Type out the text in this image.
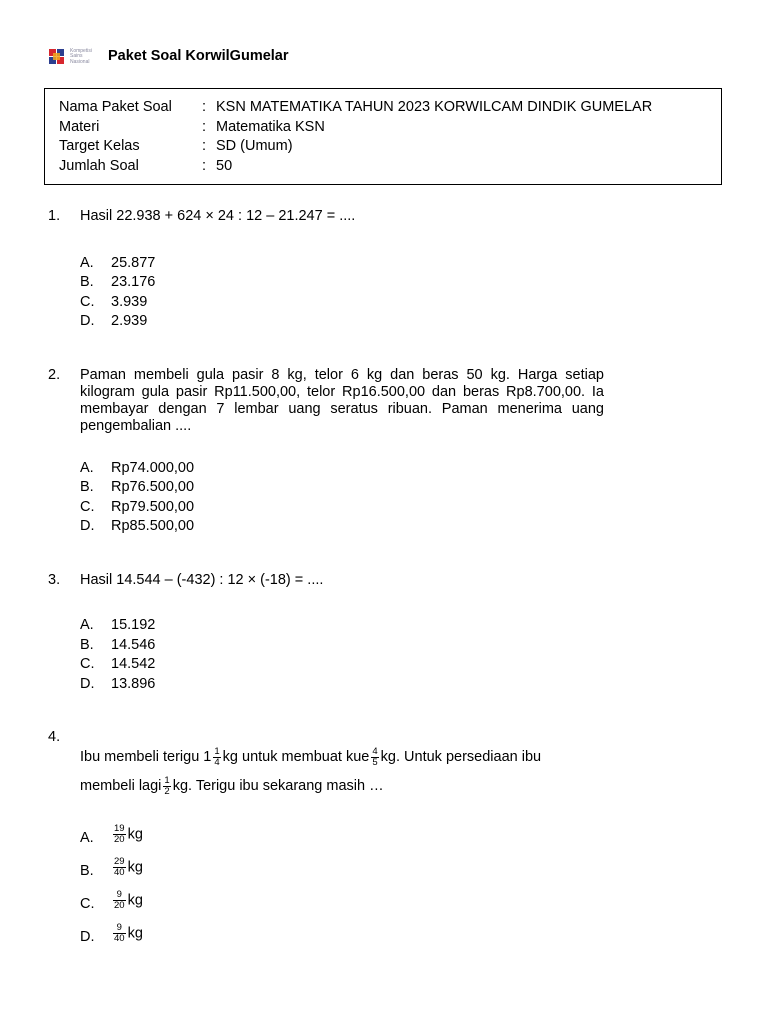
Kompetisi
Sains
Nasional Paket Soal KorwilGumelar
Nama Paket Soal : KSN MATEMATIKA TAHUN 2023 KORWILCAM DINDIK GUMELAR
Materi	: Matematika KSN
Target Kelas	: SD (Umum)
Jumlah Soal	: 50
1. Hasil 22.938 + 624 × 24 : 12 – 21.247 = ....
A. 25.877
B. 23.176
C. 3.939
D. 2.939
2. Paman membeli gula pasir 8 kg, telor 6 kg dan beras 50 kg. Harga setiap kilogram gula pasir Rp11.500,00, telor Rp16.500,00 dan beras Rp8.700,00. Ia membayar dengan 7 lembar uang seratus ribuan. Paman menerima uang pengembalian ....
A. Rp74.000,00
B. Rp76.500,00
C. Rp79.500,00
D. Rp85.500,00
3. Hasil 14.544 – (-432) : 12 × (-18) = ....
A. 15.192
B. 14.546
C. 14.542
D. 13.896
4.
Ibu membeli terigu $1 \frac{1}{4}$ kg untuk membuat kue $\frac{4}{5}$ kg. Untuk persediaan ibu
membeli lagi $\frac{1}{2}$ kg. Terigu ibu sekarang masih …
A. $\frac{19}{20}$ kg
B. $\frac{29}{40}$ kg
C. $\frac{9}{20}$ kg
D. $\frac{9}{40}$ kg
